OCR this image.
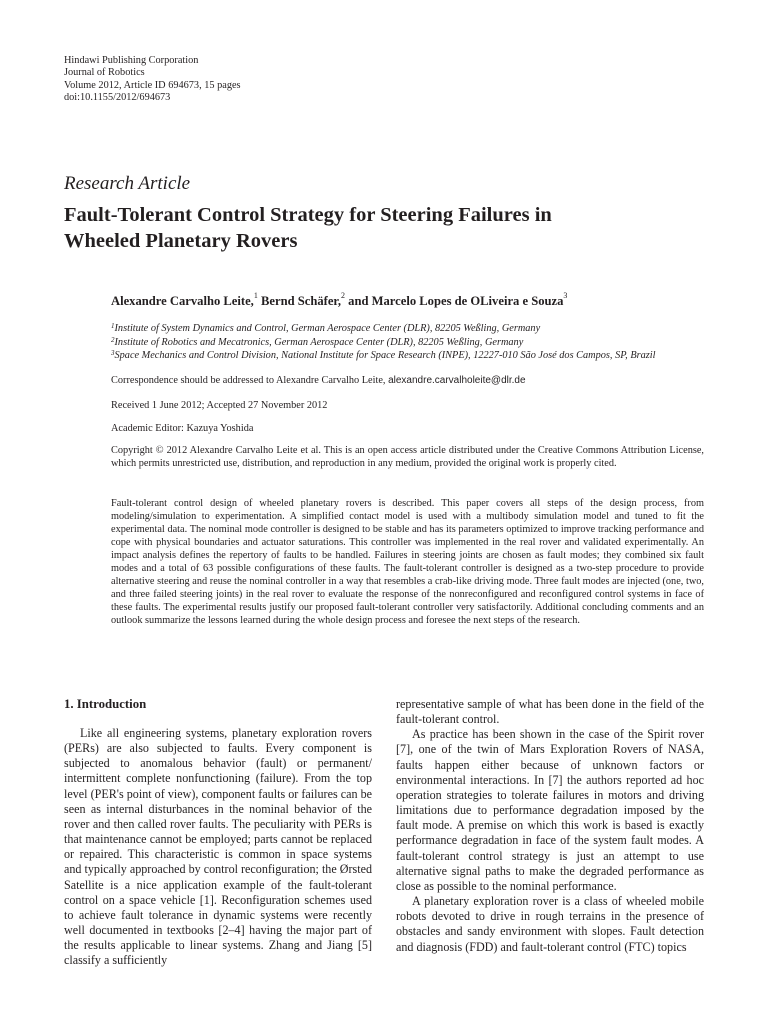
Hindawi Publishing Corporation
Journal of Robotics
Volume 2012, Article ID 694673, 15 pages
doi:10.1155/2012/694673
Research Article
Fault-Tolerant Control Strategy for Steering Failures in
Wheeled Planetary Rovers
Alexandre Carvalho Leite,$^1$ Bernd Schäfer,$^2$ and Marcelo Lopes de OLiveira e Souza$^3$
$^1$Institute of System Dynamics and Control, German Aerospace Center (DLR), 82205 Weßling, Germany
$^2$Institute of Robotics and Mecatronics, German Aerospace Center (DLR), 82205 Weßling, Germany
$^3$Space Mechanics and Control Division, National Institute for Space Research (INPE), 12227-010 São José dos Campos, SP, Brazil
Correspondence should be addressed to Alexandre Carvalho Leite, alexandre.carvalholeite@dlr.de
Received 1 June 2012; Accepted 27 November 2012
Academic Editor: Kazuya Yoshida
Copyright © 2012 Alexandre Carvalho Leite et al. This is an open access article distributed under the Creative Commons Attribution License, which permits unrestricted use, distribution, and reproduction in any medium, provided the original work is properly cited.
Fault-tolerant control design of wheeled planetary rovers is described. This paper covers all steps of the design process, from modeling/simulation to experimentation. A simplified contact model is used with a multibody simulation model and tuned to fit the experimental data. The nominal mode controller is designed to be stable and has its parameters optimized to improve tracking performance and cope with physical boundaries and actuator saturations. This controller was implemented in the real rover and validated experimentally. An impact analysis defines the repertory of faults to be handled. Failures in steering joints are chosen as fault modes; they combined six fault modes and a total of 63 possible configurations of these faults. The fault-tolerant controller is designed as a two-step procedure to provide alternative steering and reuse the nominal controller in a way that resembles a crab-like driving mode. Three fault modes are injected (one, two, and three failed steering joints) in the real rover to evaluate the response of the nonreconfigured and reconfigured control systems in face of these faults. The experimental results justify our proposed fault-tolerant controller very satisfactorily. Additional concluding comments and an outlook summarize the lessons learned during the whole design process and foresee the next steps of the research.
1. Introduction

Like all engineering systems, planetary exploration rovers (PERs) are also subjected to faults. Every component is subjected to anomalous behavior (fault) or permanent/ intermittent complete nonfunctioning (failure). From the top level (PER's point of view), component faults or failures can be seen as internal disturbances in the nominal behavior of the rover and then called rover faults. The peculiarity with PERs is that maintenance cannot be employed; parts cannot be replaced or repaired. This characteristic is common in space systems and typically approached by control reconfiguration; the Ørsted Satellite is a nice application example of the fault-tolerant control on a space vehicle [1]. Reconfiguration schemes used to achieve fault tolerance in dynamic systems were recently well documented in textbooks [2–4] having the major part of the results applicable to linear systems. Zhang and Jiang [5] classify a sufficiently

representative sample of what has been done in the field of the fault-tolerant control.

As practice has been shown in the case of the Spirit rover [7], one of the twin of Mars Exploration Rovers of NASA, faults happen either because of unknown factors or environmental interactions. In [7] the authors reported ad hoc operation strategies to tolerate failures in motors and driving limitations due to performance degradation imposed by the fault mode. A premise on which this work is based is exactly performance degradation in face of the system fault modes. A fault-tolerant control strategy is just an attempt to use alternative signal paths to make the degraded performance as close as possible to the nominal performance.

A planetary exploration rover is a class of wheeled mobile robots devoted to drive in rough terrains in the presence of obstacles and sandy environment with slopes. Fault detection and diagnosis (FDD) and fault-tolerant control (FTC) topics
